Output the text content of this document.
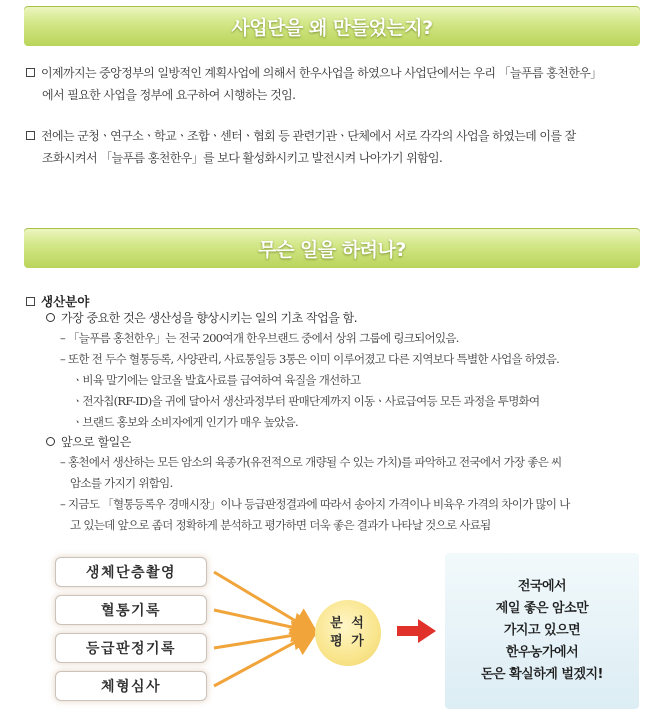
사업단을 왜 만들었는지?
이제까지는 중앙정부의 일방적인 계획사업에 의해서 한우사업을 하였으나 사업단에서는 우리 「늘푸름 홍천한우」
에서 필요한 사업을 정부에 요구하여 시행하는 것임.
전에는 군청ㆍ연구소ㆍ학교ㆍ조합ㆍ센터ㆍ협회 등 관련기관ㆍ단체에서 서로 각각의 사업을 하였는데 이를 잘
조화시켜서 「늘푸름 홍천한우」를 보다 활성화시키고 발전시켜 나아가기 위함임.
무슨 일을 하려나?
생산분야
가장 중요한 것은 생산성을 향상시키는 일의 기초 작업을 함.
– 「늘푸름 홍천한우」는 전국 200여개 한우브랜드 중에서 상위 그룹에 링크되어있음.
– 또한 전 두수 혈통등록, 사양관리, 사료통일등 3통은 이미 이루어졌고 다른 지역보다 특별한 사업을 하였음.
ㆍ비육 말기에는 알코올 발효사료를 급여하여 육질을 개선하고
ㆍ전자칩(RF-ID)을 귀에 달아서 생산과정부터 판매단계까지 이동ㆍ사료급여등 모든 과정을 투명화여
ㆍ브랜드 홍보와 소비자에게 인기가 매우 높았음.
앞으로 할일은
– 홍천에서 생산하는 모든 암소의 육종가(유전적으로 개량될 수 있는 가치)를 파악하고 전국에서 가장 좋은 씨
암소를 가지기 위함임.
– 지금도 「혈통등록우 경매시장」이나 등급판정결과에 따라서 송아지 가격이나 비육우 가격의 차이가 많이 나
고 있는데 앞으로 좀더 정확하게 분석하고 평가하면 더욱 좋은 결과가 나타날 것으로 사료됨
생체단층촬영
혈통기록
등급판정기록
체형심사
분 석
평 가
전국에서
제일 좋은 암소만
가지고 있으면
한우농가에서
돈은 확실하게 벌겠지!
